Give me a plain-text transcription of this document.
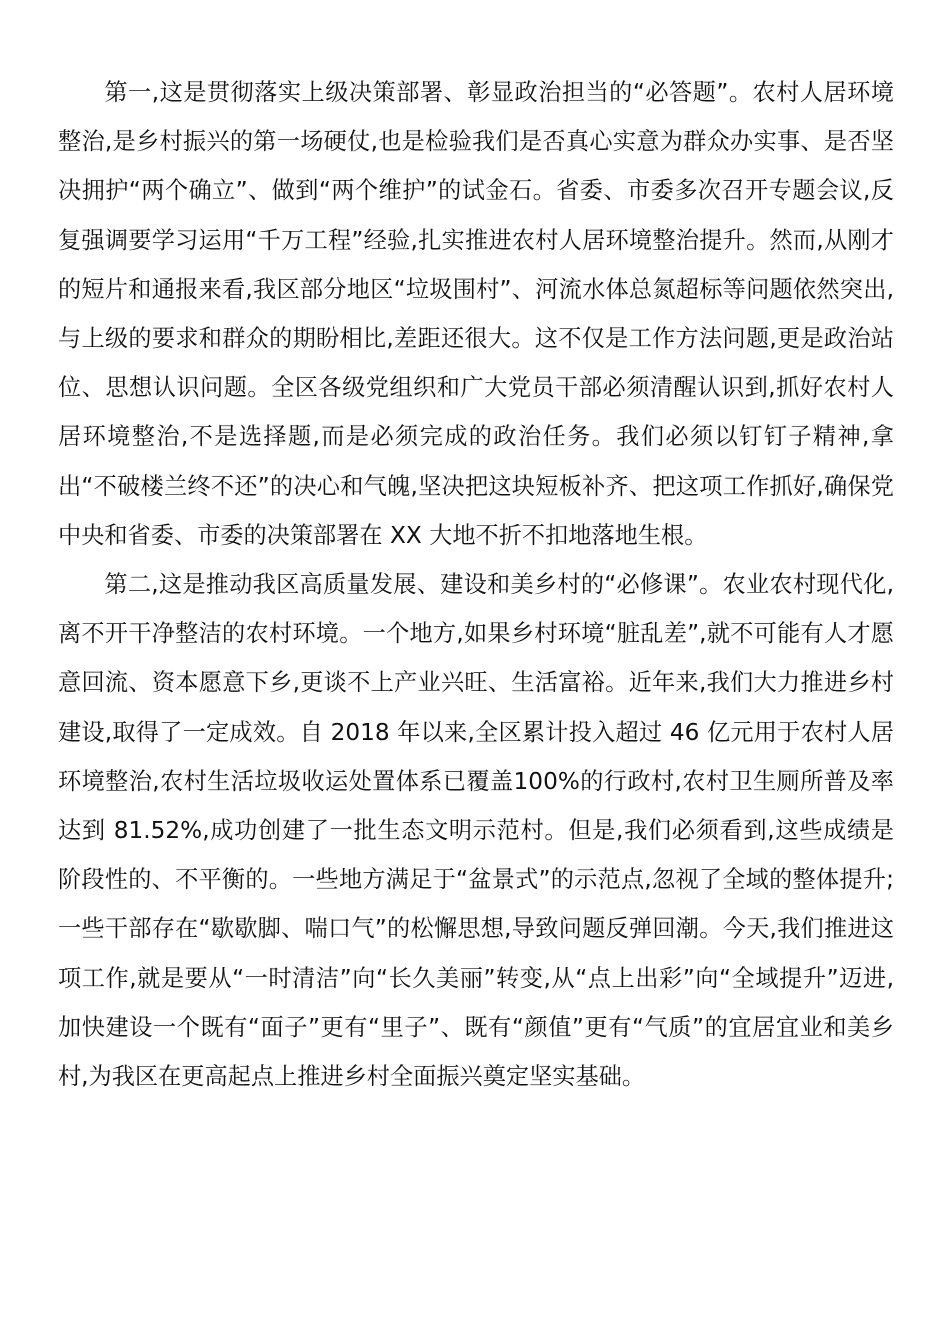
第一,这是贯彻落实上级决策部署、彰显政治担当的“必答题”。农村人居环境整治,是乡村振兴的第一场硬仗,也是检验我们是否真心实意为群众办实事、是否坚决拥护“两个确立”、做到“两个维护”的试金石。省委、市委多次召开专题会议,反复强调要学习运用“千万工程”经验,扎实推进农村人居环境整治提升。然而,从刚才的短片和通报来看,我区部分地区“垃圾围村”、河流水体总氮超标等问题依然突出,与上级的要求和群众的期盼相比,差距还很大。这不仅是工作方法问题,更是政治站位、思想认识问题。全区各级党组织和广大党员干部必须清醒认识到,抓好农村人居环境整治,不是选择题,而是必须完成的政治任务。我们必须以钉钉子精神,拿出“不破楼兰终不还”的决心和气魄,坚决把这块短板补齐、把这项工作抓好,确保党中央和省委、市委的决策部署在 XX 大地不折不扣地落地生根。

第二,这是推动我区高质量发展、建设和美乡村的“必修课”。农业农村现代化,离不开干净整洁的农村环境。一个地方,如果乡村环境“脏乱差”,就不可能有人才愿意回流、资本愿意下乡,更谈不上产业兴旺、生活富裕。近年来,我们大力推进乡村建设,取得了一定成效。自 2018 年以来,全区累计投入超过 46 亿元用于农村人居环境整治,农村生活垃圾收运处置体系已覆盖100%的行政村,农村卫生厕所普及率达到 81.52%,成功创建了一批生态文明示范村。但是,我们必须看到,这些成绩是阶段性的、不平衡的。一些地方满足于“盆景式”的示范点,忽视了全域的整体提升;一些干部存在“歇歇脚、喘口气”的松懈思想,导致问题反弹回潮。今天,我们推进这项工作,就是要从“一时清洁”向“长久美丽”转变,从“点上出彩”向“全域提升”迈进,加快建设一个既有“面子”更有“里子”、既有“颜值”更有“气质”的宜居宜业和美乡村,为我区在更高起点上推进乡村全面振兴奠定坚实基础。
